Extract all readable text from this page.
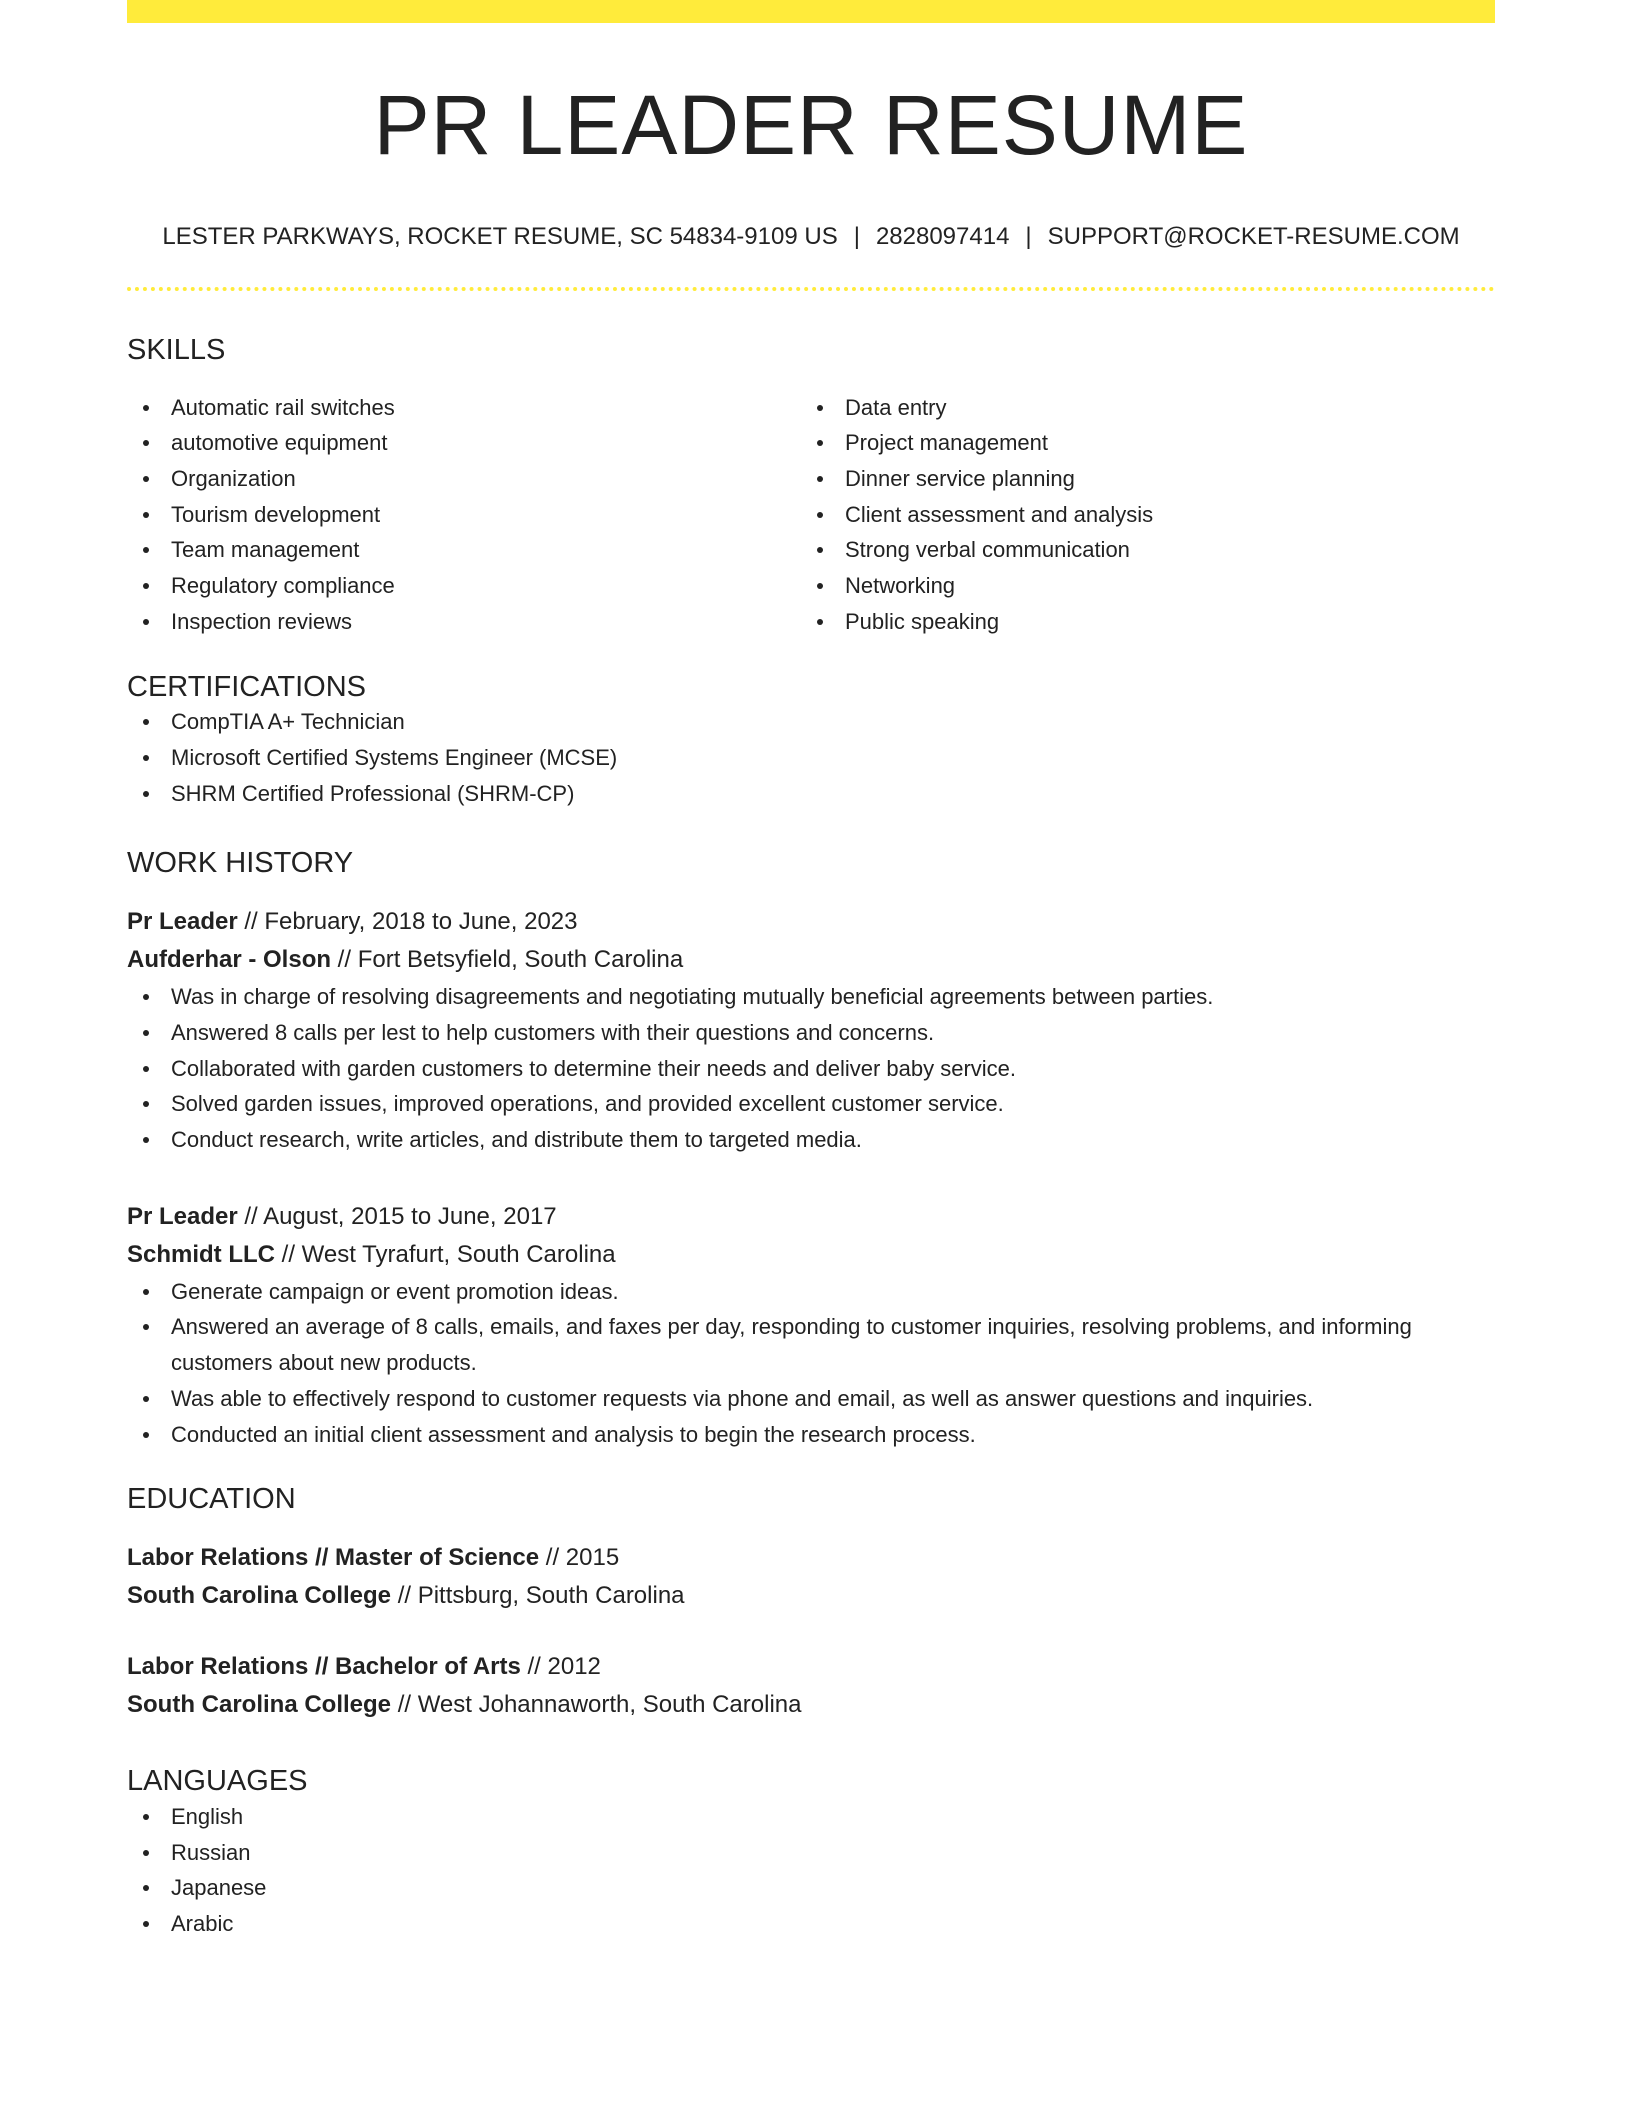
PR LEADER RESUME
LESTER PARKWAYS, ROCKET RESUME, SC 54834-9109 US | 2828097414 | SUPPORT@ROCKET-RESUME.COM
SKILLS
Automatic rail switches
automotive equipment
Organization
Tourism development
Team management
Regulatory compliance
Inspection reviews
Data entry
Project management
Dinner service planning
Client assessment and analysis
Strong verbal communication
Networking
Public speaking
CERTIFICATIONS
CompTIA A+ Technician
Microsoft Certified Systems Engineer (MCSE)
SHRM Certified Professional (SHRM-CP)
WORK HISTORY
Pr Leader // February, 2018 to June, 2023
Aufderhar - Olson // Fort Betsyfield, South Carolina
Was in charge of resolving disagreements and negotiating mutually beneficial agreements between parties.
Answered 8 calls per lest to help customers with their questions and concerns.
Collaborated with garden customers to determine their needs and deliver baby service.
Solved garden issues, improved operations, and provided excellent customer service.
Conduct research, write articles, and distribute them to targeted media.
Pr Leader // August, 2015 to June, 2017
Schmidt LLC // West Tyrafurt, South Carolina
Generate campaign or event promotion ideas.
Answered an average of 8 calls, emails, and faxes per day, responding to customer inquiries, resolving problems, and informing customers about new products.
Was able to effectively respond to customer requests via phone and email, as well as answer questions and inquiries.
Conducted an initial client assessment and analysis to begin the research process.
EDUCATION
Labor Relations // Master of Science // 2015
South Carolina College // Pittsburg, South Carolina
Labor Relations // Bachelor of Arts // 2012
South Carolina College // West Johannaworth, South Carolina
LANGUAGES
English
Russian
Japanese
Arabic
